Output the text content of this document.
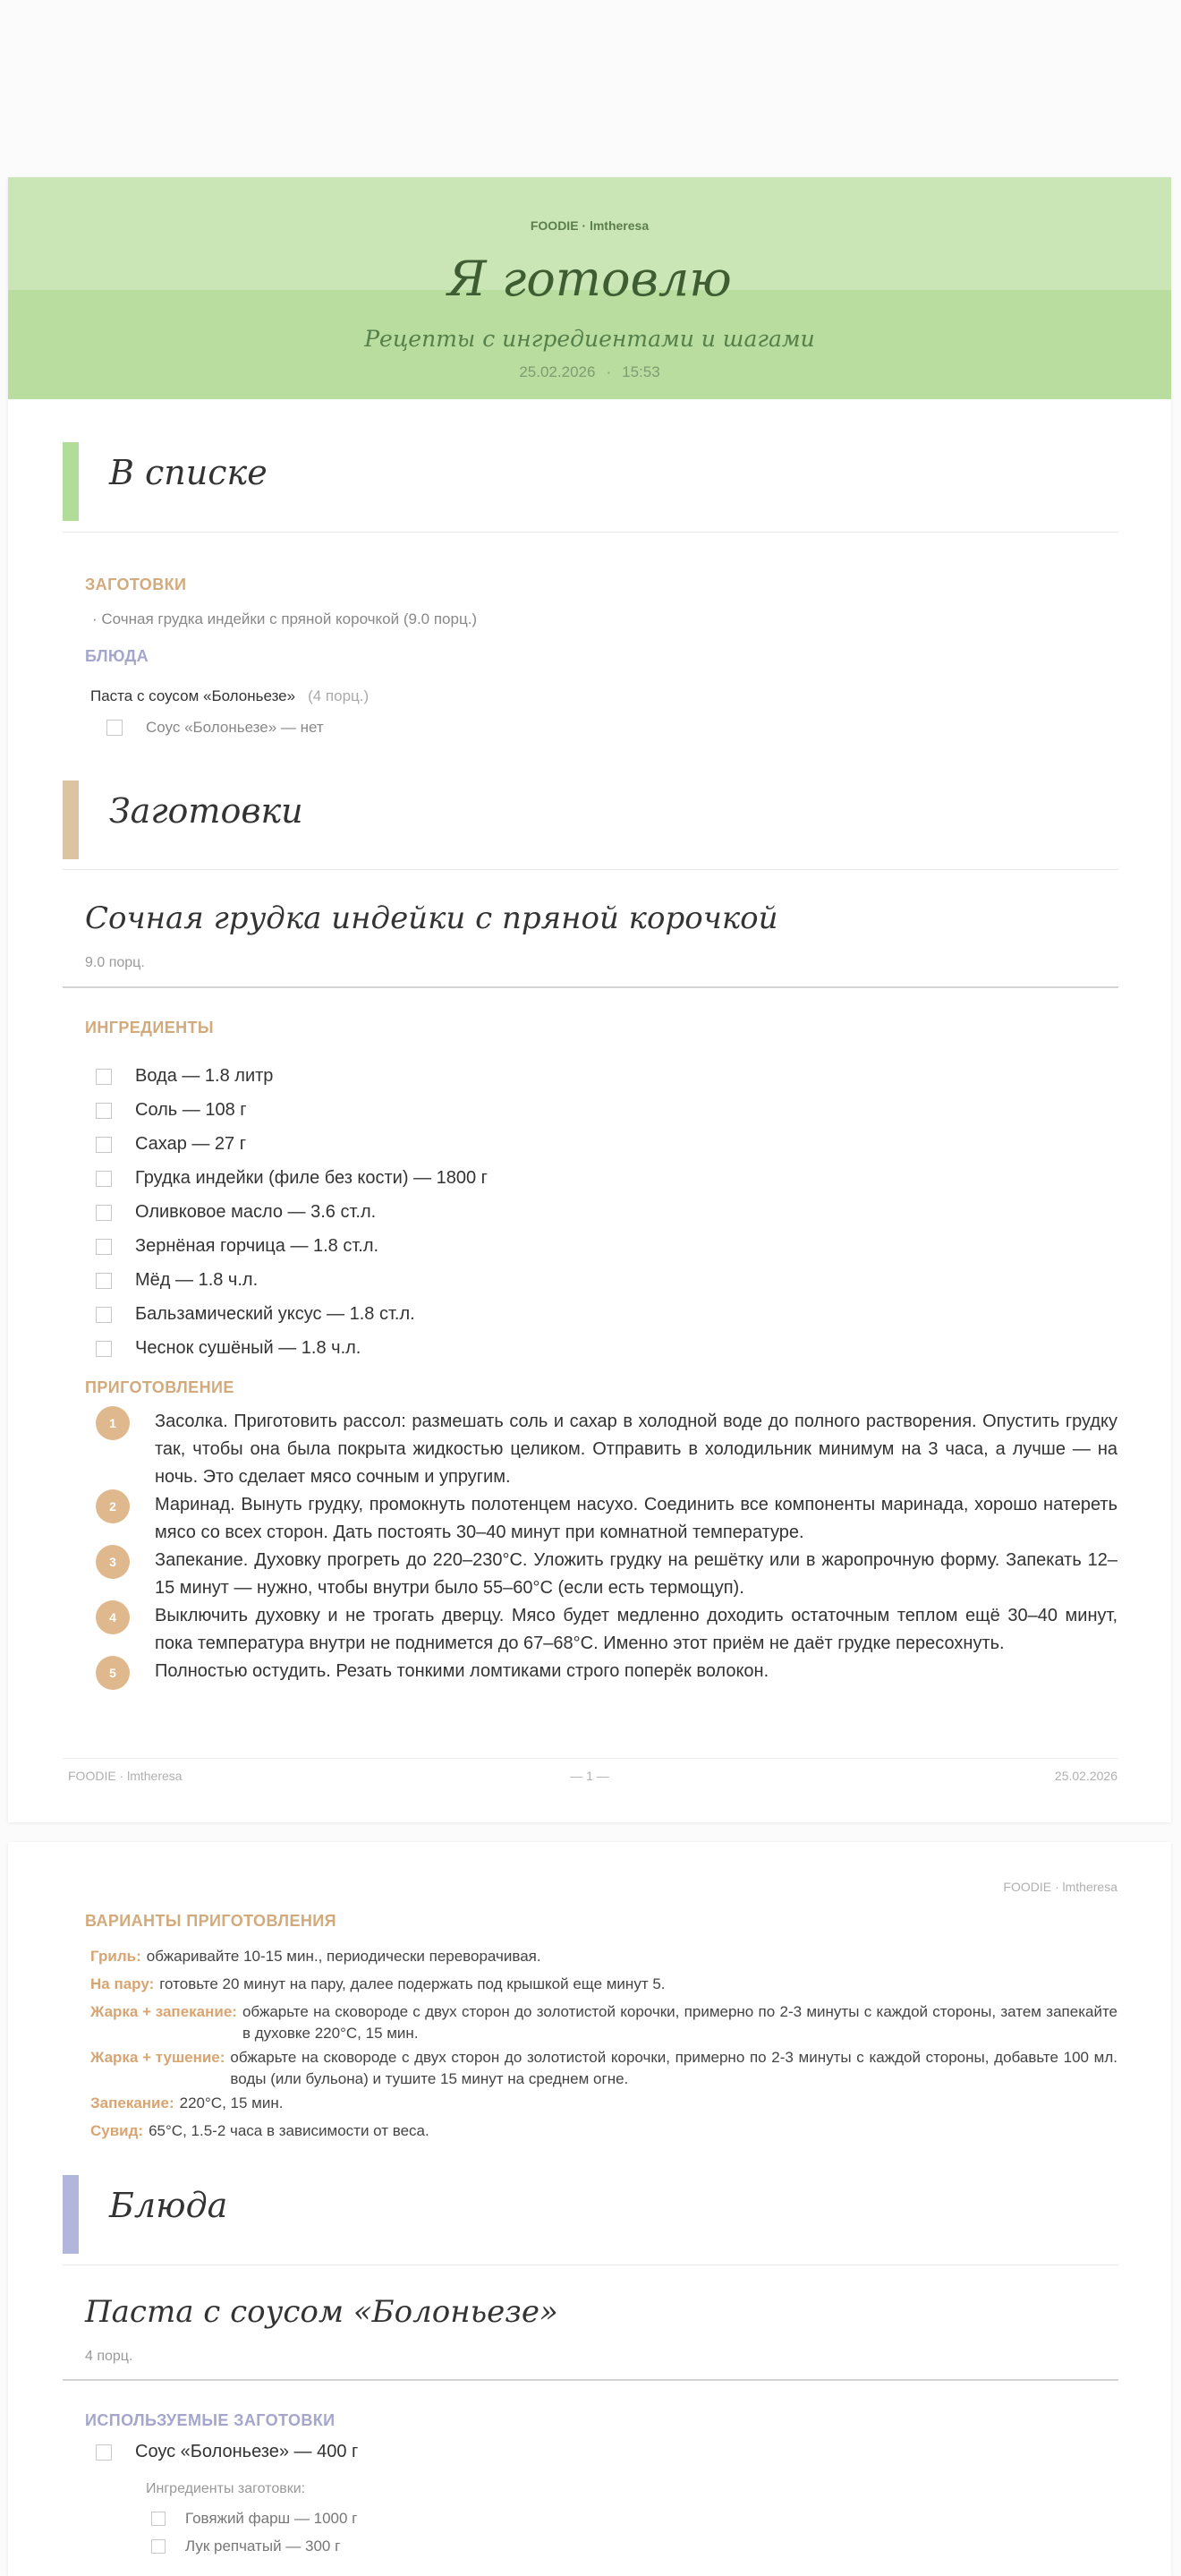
FOODIE · lmtheresa
Я готовлю
Рецепты с ингредиентами и шагами
25.02.2026 · 15:53
В списке
ЗАГОТОВКИ
· Сочная грудка индейки с пряной корочкой (9.0 порц.)
БЛЮДА
Паста с соусом «Болоньезе» (4 порц.)
Соус «Болоньезе» — нет
Заготовки
Сочная грудка индейки с пряной корочкой
9.0 порц.
ИНГРЕДИЕНТЫ
Вода — 1.8 литр
Соль — 108 г
Сахар — 27 г
Грудка индейки (филе без кости) — 1800 г
Оливковое масло — 3.6 ст.л.
Зернёная горчица — 1.8 ст.л.
Мёд — 1.8 ч.л.
Бальзамический уксус — 1.8 ст.л.
Чеснок сушёный — 1.8 ч.л.
ПРИГОТОВЛЕНИЕ
1	Засолка. Приготовить рассол: размешать соль и сахар в холодной воде до полного растворения. Опустить грудку так, чтобы она была покрыта жидкостью целиком. Отправить в холодильник минимум на 3 часа, а лучше — на ночь. Это сделает мясо сочным и упругим.
2	Маринад. Вынуть грудку, промокнуть полотенцем насухо. Соединить все компоненты маринада, хорошо натереть мясо со всех сторон. Дать постоять 30–40 минут при комнатной температуре.
3	Запекание. Духовку прогреть до 220–230°С. Уложить грудку на решётку или в жаропрочную форму. Запекать 12–15 минут — нужно, чтобы внутри было 55–60°С (если есть термощуп).
4	Выключить духовку и не трогать дверцу. Мясо будет медленно доходить остаточным теплом ещё 30–40 минут, пока температура внутри не поднимется до 67–68°С. Именно этот приём не даёт грудке пересохнуть.
5	Полностью остудить. Резать тонкими ломтиками строго поперёк волокон.
FOODIE · lmtheresa	— 1 —	25.02.2026
FOODIE · lmtheresa
ВАРИАНТЫ ПРИГОТОВЛЕНИЯ
Гриль: обжаривайте 10-15 мин., периодически переворачивая.
На пару: готовьте 20 минут на пару, далее подержать под крышкой еще минут 5.
Жарка + запекание: обжарьте на сковороде с двух сторон до золотистой корочки, примерно по 2-3 минуты с каждой стороны, затем запекайте в духовке 220°С, 15 мин.
Жарка + тушение: обжарьте на сковороде с двух сторон до золотистой корочки, примерно по 2-3 минуты с каждой стороны, добавьте 100 мл. воды (или бульона) и тушите 15 минут на среднем огне.
Запекание: 220°С, 15 мин.
Сувид: 65°С, 1.5-2 часа в зависимости от веса.
Блюда
Паста с соусом «Болоньезе»
4 порц.
ИСПОЛЬЗУЕМЫЕ ЗАГОТОВКИ
Соус «Болоньезе» — 400 г
Ингредиенты заготовки:
Говяжий фарш — 1000 г
Лук репчатый — 300 г
